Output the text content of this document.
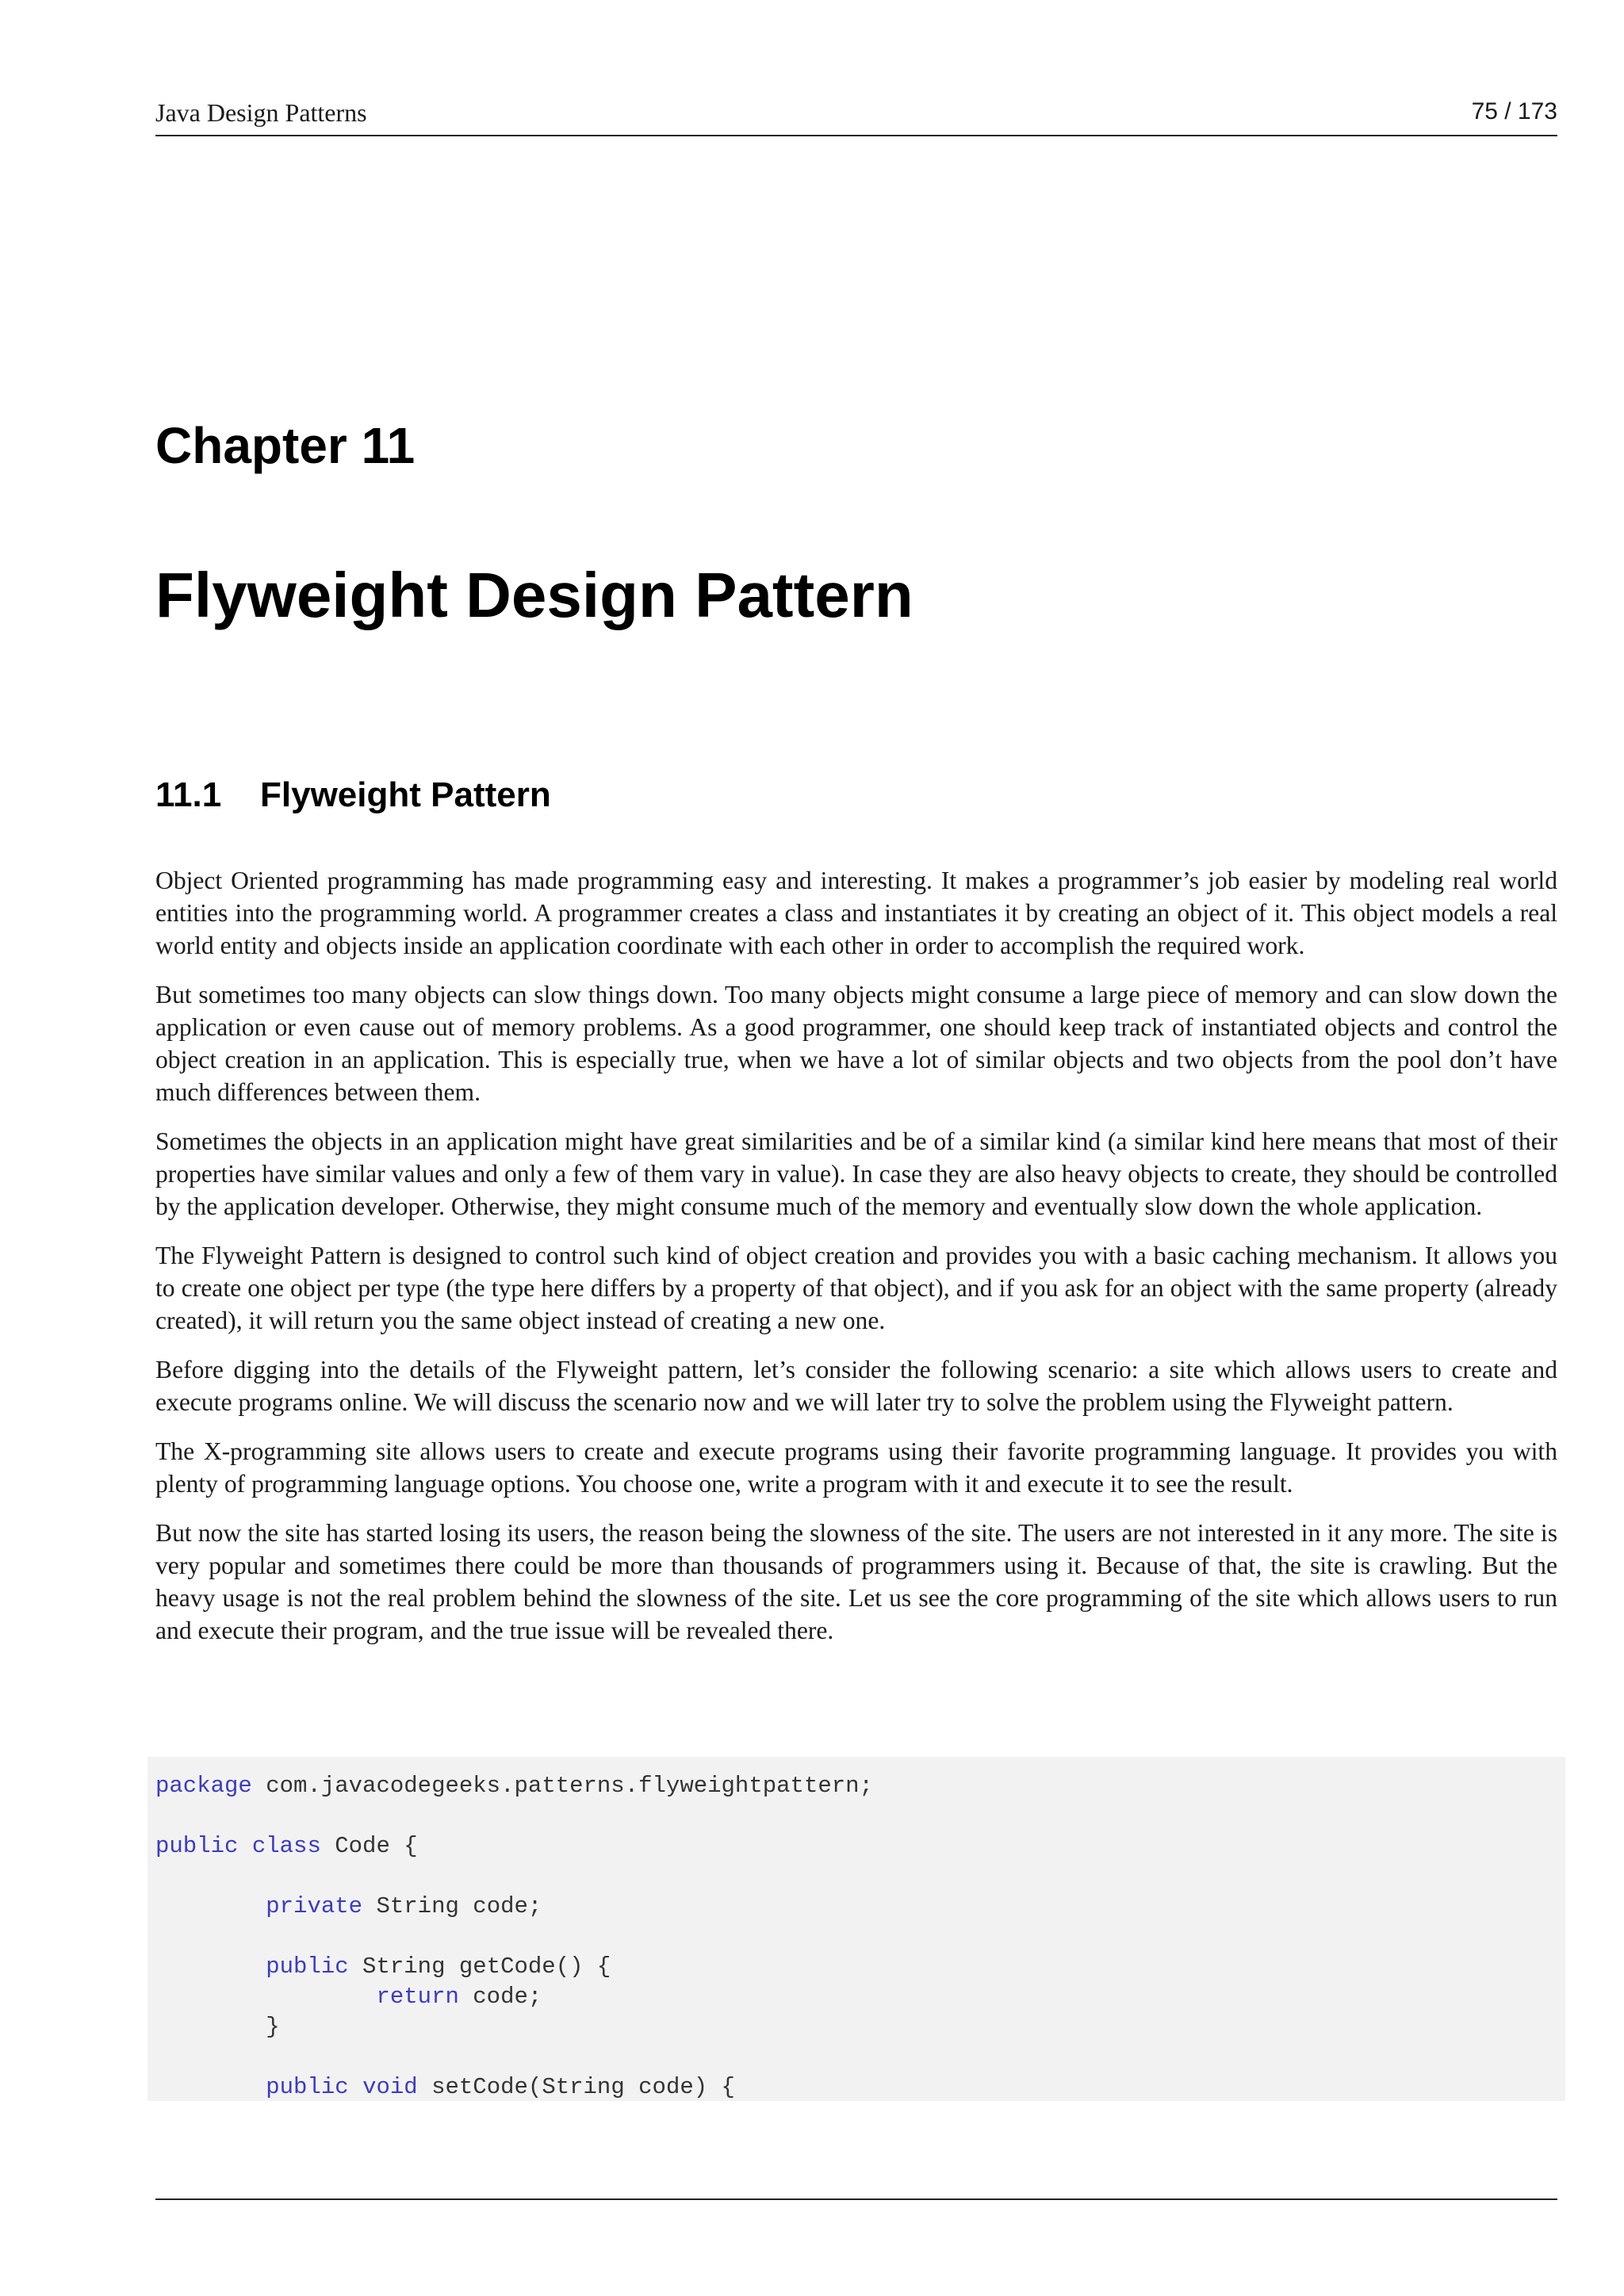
Java Design Patterns	75 / 173
Chapter 11
Flyweight Design Pattern
11.1 Flyweight Pattern

Object Oriented programming has made programming easy and interesting. It makes a programmer’s job easier by modeling real world entities into the programming world. A programmer creates a class and instantiates it by creating an object of it. This object models a real world entity and objects inside an application coordinate with each other in order to accomplish the required work.

But sometimes too many objects can slow things down. Too many objects might consume a large piece of memory and can slow down the application or even cause out of memory problems. As a good programmer, one should keep track of instantiated objects and control the object creation in an application. This is especially true, when we have a lot of similar objects and two objects from the pool don’t have much differences between them.

Sometimes the objects in an application might have great similarities and be of a similar kind (a similar kind here means that most of their properties have similar values and only a few of them vary in value). In case they are also heavy objects to create, they should be controlled by the application developer. Otherwise, they might consume much of the memory and eventually slow down the whole application.

The Flyweight Pattern is designed to control such kind of object creation and provides you with a basic caching mechanism. It allows you to create one object per type (the type here differs by a property of that object), and if you ask for an object with the same property (already created), it will return you the same object instead of creating a new one.

Before digging into the details of the Flyweight pattern, let’s consider the following scenario: a site which allows users to create and execute programs online. We will discuss the scenario now and we will later try to solve the problem using the Flyweight pattern.

The X-programming site allows users to create and execute programs using their favorite programming language. It provides you with plenty of programming language options. You choose one, write a program with it and execute it to see the result.

But now the site has started losing its users, the reason being the slowness of the site. The users are not interested in it any more. The site is very popular and sometimes there could be more than thousands of programmers using it. Because of that, the site is crawling. But the heavy usage is not the real problem behind the slowness of the site. Let us see the core programming of the site which allows users to run and execute their program, and the true issue will be revealed there.

package com.javacodegeeks.patterns.flyweightpattern;
public class Code {
private String code;
public String getCode() {
return code;
}
public void setCode(String code) {
